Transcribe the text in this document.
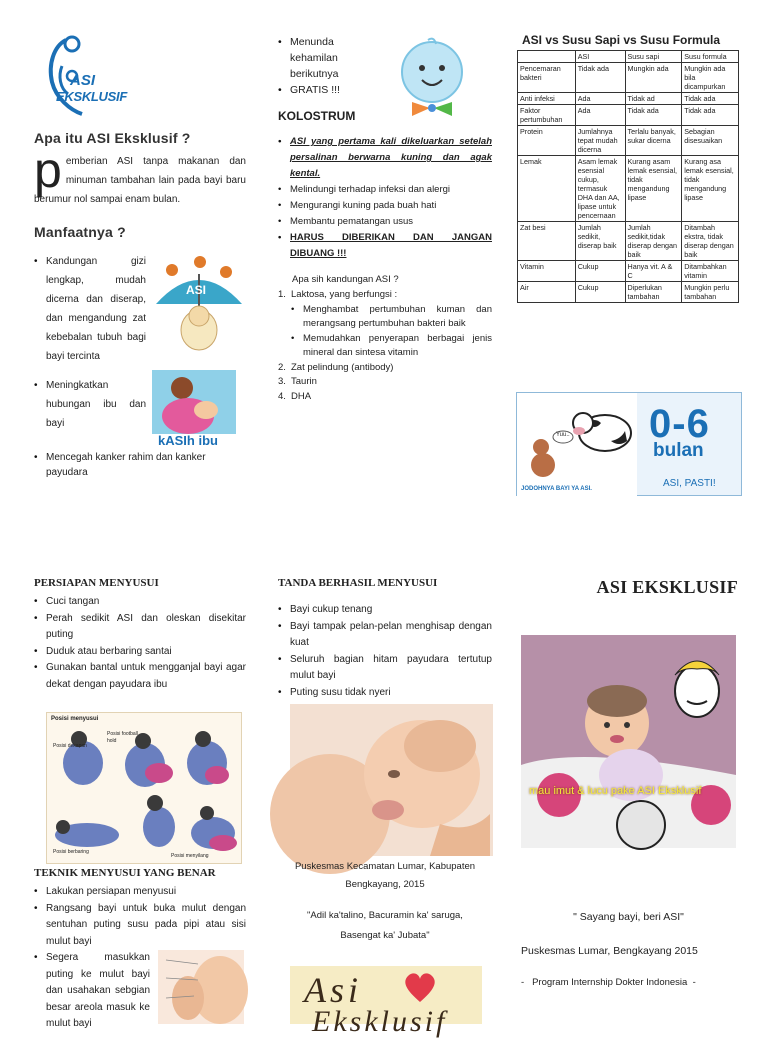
ASI
EKSKLUSIF
Apa itu ASI Eksklusif ?
p emberian ASI tanpa makanan dan minuman tambahan lain pada bayi baru berumur nol sampai enam bulan.
Manfaatnya ?
• Kandungan gizi lengkap, mudah dicerna dan diserap, dan mengandung zat kebebalan tubuh bagi bayi tercinta
• Meningkatkan hubungan ibu dan bayi
• Mencegah kanker rahim dan kanker payudara
ASI
kASIh ibu
• Menunda kehamilan berikutnya
• GRATIS !!!
KOLOSTRUM
• ASI yang pertama kali dikeluarkan setelah persalinan berwarna kuning dan agak kental.
• Melindungi terhadap infeksi dan alergi
• Mengurangi kuning pada buah hati
• Membantu pematangan usus
• HARUS DIBERIKAN DAN JANGAN DIBUANG !!!
Apa sih kandungan ASI ?
1. Laktosa, yang berfungsi :
• Menghambat pertumbuhan kuman dan merangsang pertumbuhan bakteri baik
• Memudahkan penyerapan berbagai jenis mineral dan sintesa vitamin
2. Zat pelindung (antibody)
3. Taurin
4. DHA
ASI vs Susu Sapi vs Susu Formula
	ASI	Susu sapi	Susu formula
Pencemaran bakteri	Tidak ada	Mungkin ada	Mungkin ada bila dicampurkan
Anti infeksi	Ada	Tidak ad	Tidak ada
Faktor pertumbuhan	Ada	Tidak ada	Tidak ada
Protein	Jumlahnya tepat mudah dicerna	Terlalu banyak, sukar dicerna	Sebagian disesuaikan
Lemak	Asam lemak esensial cukup, termasuk DHA dan AA, lipase untuk pencernaan	Kurang asam lemak esensial, tidak mengandung lipase	Kurang asa lemak esensial, tidak mengandung lipase
Zat besi	Jumlah sedikit, diserap baik	Jumlah sedikit,tidak diserap dengan baik	Ditambah ekstra, tidak diserap dengan baik
Vitamin	Cukup	Hanya vit. A & C	Ditambahkan vitamin
Air	Cukup	Diperlukan tambahan	Mungkin perlu tambahan
Yuu..
JODOHNYA BAYI YA ASI.
0-6
bulan
ASI, PASTI!
PERSIAPAN MENYUSUI
• Cuci tangan
• Perah sedikit ASI dan oleskan disekitar puting
• Duduk atau berbaring santai
• Gunakan bantal untuk mengganjal bayi agar dekat dengan payudara ibu
Posisi menyusui
Posisi dekapan
Posisi football hold
Posisi berbaring
Posisi menyilang
TEKNIK MENYUSUI YANG BENAR
• Lakukan persiapan menyusui
• Rangsang bayi untuk buka mulut dengan sentuhan puting susu pada pipi atau sisi mulut bayi
• Segera masukkan puting ke mulut bayi dan usahakan sebgian besar areola masuk ke mulut bayi
TANDA BERHASIL MENYUSUI
• Bayi cukup tenang
• Bayi tampak pelan-pelan menghisap dengan kuat
• Seluruh bagian hitam payudara tertutup mulut bayi
• Puting susu tidak nyeri
Puskesmas Kecamatan Lumar, Kabupaten Bengkayang, 2015
"Adil ka'talino, Bacuramin ka' saruga,
Basengat ka' Jubata"
Asi
Eksklusif
ASI EKSKLUSIF
mau imut & lucu pake ASI Eksklusif
" Sayang bayi, beri ASI"
Puskesmas Lumar, Bengkayang 2015
-   Program Internship Dokter Indonesia  -
